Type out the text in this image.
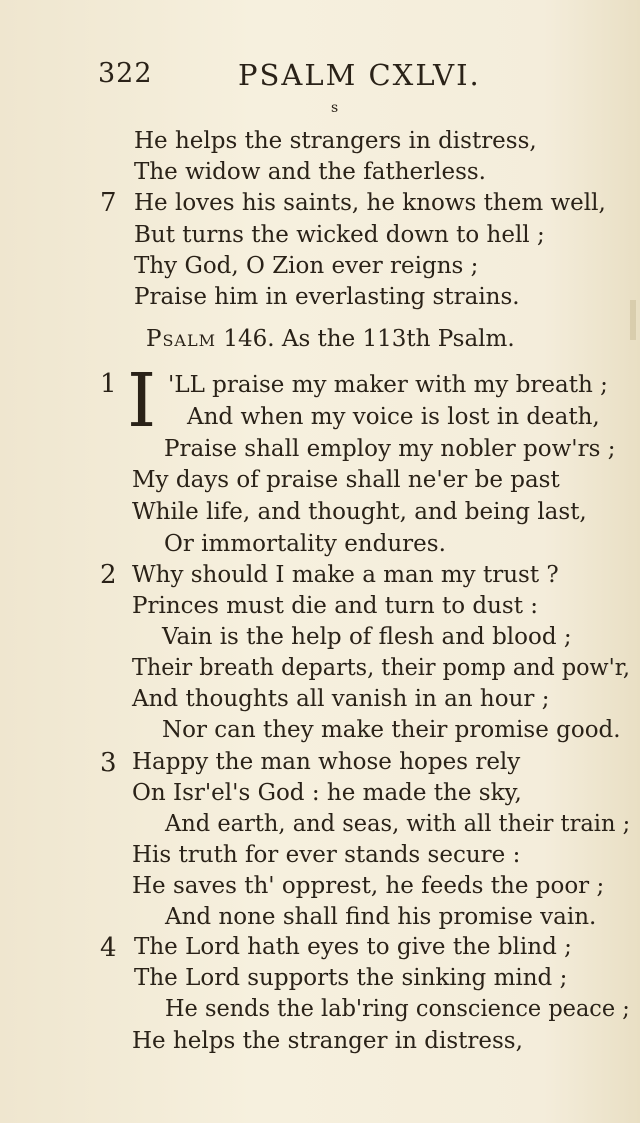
322	PSALM CXLVI.
s
He helps the strangers in distress,
The widow and the fatherless.
7 He loves his saints, he knows them well,
But turns the wicked down to hell ;
Thy God, O Zion ever reigns ;
Praise him in everlasting strains.
Psalm 146. As the 113th Psalm.
1 I 'LL praise my maker with my breath ;
And when my voice is lost in death,
Praise shall employ my nobler pow'rs ;
My days of praise shall ne'er be past
While life, and thought, and being last,
Or immortality endures.
2 Why should I make a man my trust ?
Princes must die and turn to dust :
Vain is the help of flesh and blood ;
Their breath departs, their pomp and pow'r,
And thoughts all vanish in an hour ;
Nor can they make their promise good.
3 Happy the man whose hopes rely
On Isr'el's God : he made the sky,
And earth, and seas, with all their train ;
His truth for ever stands secure :
He saves th' opprest, he feeds the poor ;
And none shall find his promise vain.
4 The Lord hath eyes to give the blind ;
The Lord supports the sinking mind ;
He sends the lab'ring conscience peace ;
He helps the stranger in distress,
